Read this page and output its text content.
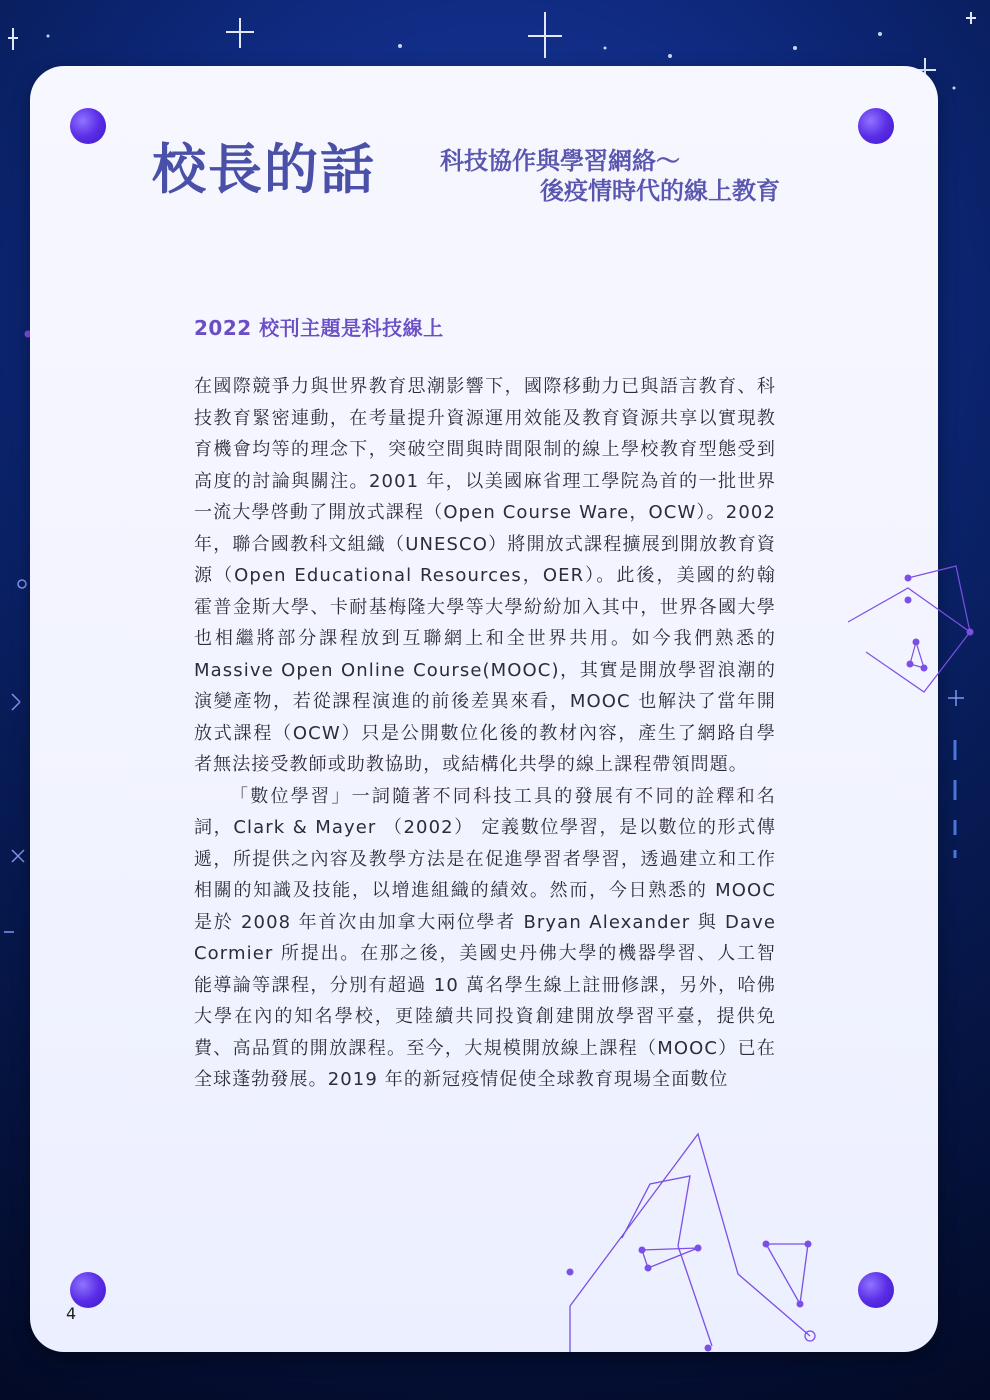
校長的話	科技協作與學習網絡～
後疫情時代的線上教育
2022 校刊主題是科技線上

在國際競爭力與世界教育思潮影響下，國際移動力已與語言教育、科技教育緊密連動，在考量提升資源運用效能及教育資源共享以實現教育機會均等的理念下，突破空間與時間限制的線上學校教育型態受到高度的討論與關注。2001 年，以美國麻省理工學院為首的一批世界一流大學啓動了開放式課程（Open Course Ware，OCW）。2002 年，聯合國教科文組織（UNESCO）將開放式課程擴展到開放教育資源（Open Educational Resources，OER）。此後，美國的約翰霍普金斯大學、卡耐基梅隆大學等大學紛紛加入其中，世界各國大學也相繼將部分課程放到互聯網上和全世界共用。如今我們熟悉的 Massive Open Online Course(MOOC)，其實是開放學習浪潮的演變產物，若從課程演進的前後差異來看，MOOC 也解決了當年開放式課程（OCW）只是公開數位化後的教材內容，產生了網路自學者無法接受教師或助教協助，或結構化共學的線上課程帶領問題。

「數位學習」一詞隨著不同科技工具的發展有不同的詮釋和名詞，Clark & Mayer （2002） 定義數位學習，是以數位的形式傳遞，所提供之內容及教學方法是在促進學習者學習，透過建立和工作相關的知識及技能，以增進組織的績效。然而，今日熟悉的 MOOC 是於 2008 年首次由加拿大兩位學者 Bryan Alexander 與 Dave Cormier 所提出。在那之後，美國史丹佛大學的機器學習、人工智能導論等課程，分別有超過 10 萬名學生線上註冊修課，另外，哈佛大學在內的知名學校，更陸續共同投資創建開放學習平臺，提供免費、高品質的開放課程。至今，大規模開放線上課程（MOOC）已在全球蓬勃發展。2019 年的新冠疫情促使全球教育現場全面數位

4
